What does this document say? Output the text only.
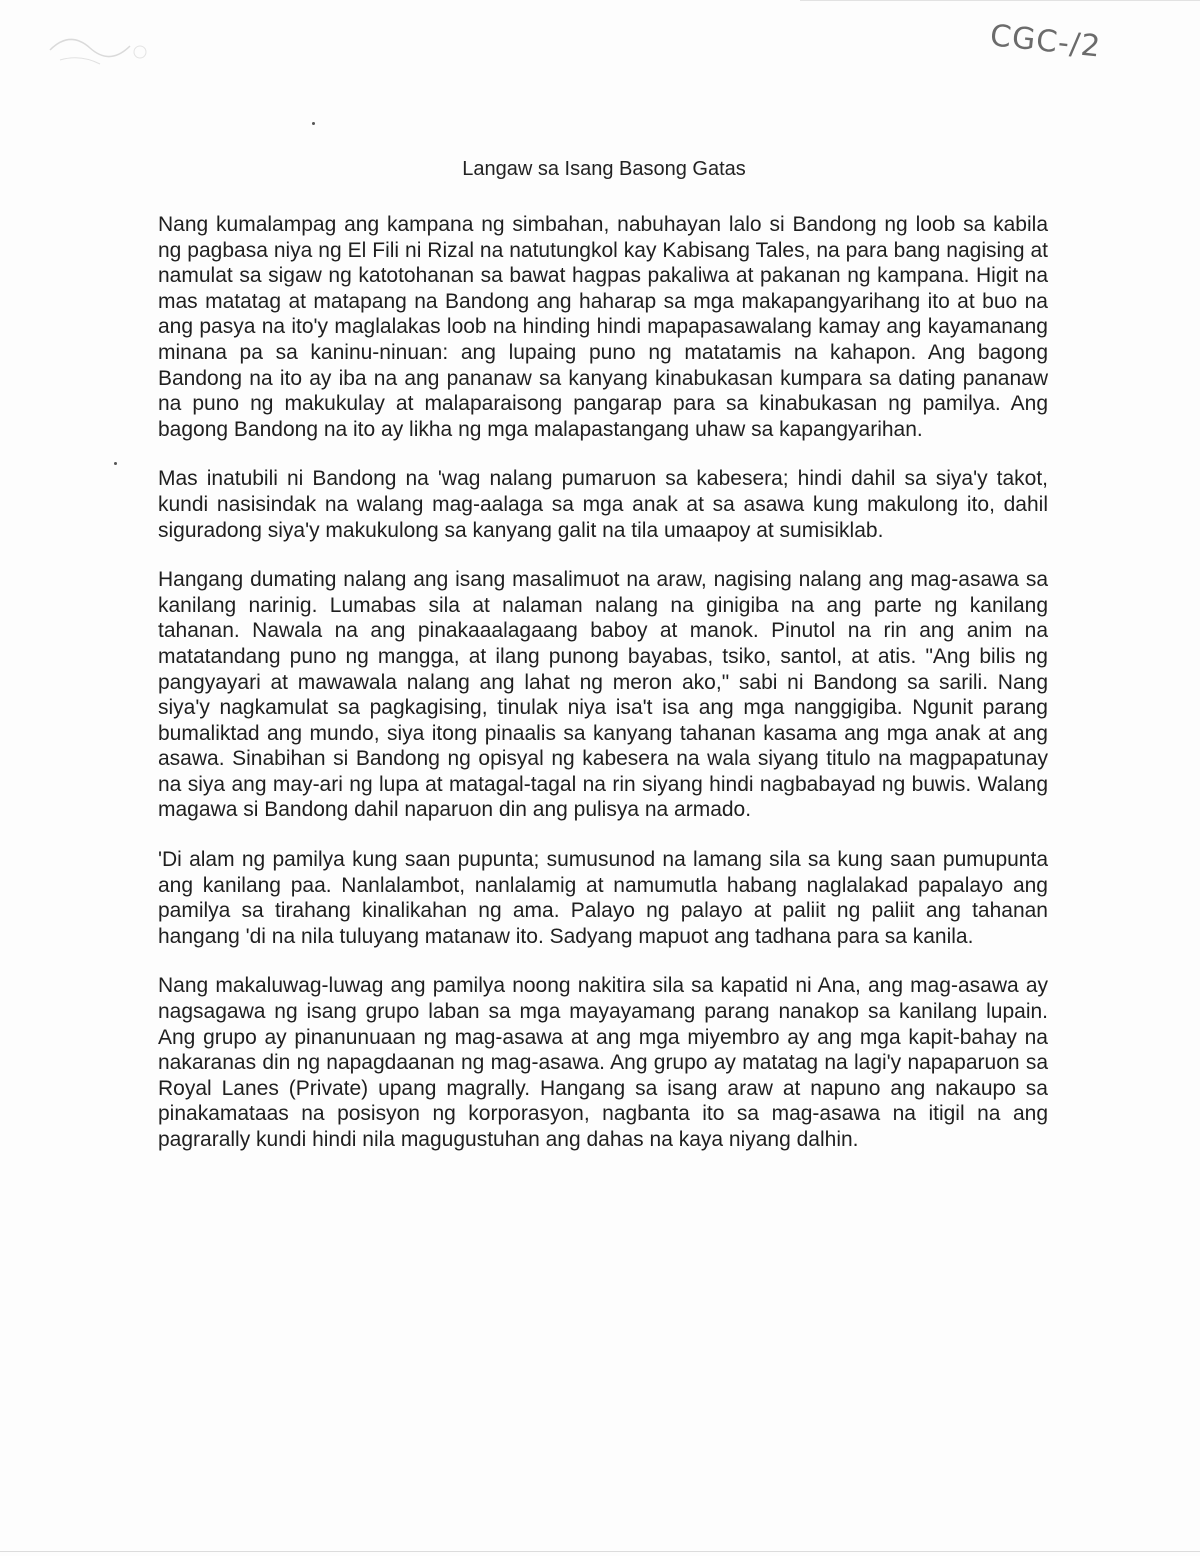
CGC-/2
Langaw sa Isang Basong Gatas

Nang kumalampag ang kampana ng simbahan, nabuhayan lalo si Bandong ng loob sa kabila ng pagbasa niya ng El Fili ni Rizal na natutungkol kay Kabisang Tales, na para bang nagising at namulat sa sigaw ng katotohanan sa bawat hagpas pakaliwa at pakanan ng kampana. Higit na mas matatag at matapang na Bandong ang haharap sa mga makapangyarihang ito at buo na ang pasya na ito'y maglalakas loob na hinding hindi mapapasawalang kamay ang kayamanang minana pa sa kaninu-ninuan: ang lupaing puno ng matatamis na kahapon. Ang bagong Bandong na ito ay iba na ang pananaw sa kanyang kinabukasan kumpara sa dating pananaw na puno ng makukulay at malaparaisong pangarap para sa kinabukasan ng pamilya. Ang bagong Bandong na ito ay likha ng mga malapastangang uhaw sa kapangyarihan.

Mas inatubili ni Bandong na 'wag nalang pumaruon sa kabesera; hindi dahil sa siya'y takot, kundi nasisindak na walang mag-aalaga sa mga anak at sa asawa kung makulong ito, dahil siguradong siya'y makukulong sa kanyang galit na tila umaapoy at sumisiklab.

Hangang dumating nalang ang isang masalimuot na araw, nagising nalang ang mag-asawa sa kanilang narinig. Lumabas sila at nalaman nalang na ginigiba na ang parte ng kanilang tahanan. Nawala na ang pinakaaalagaang baboy at manok. Pinutol na rin ang anim na matatandang puno ng mangga, at ilang punong bayabas, tsiko, santol, at atis. "Ang bilis ng pangyayari at mawawala nalang ang lahat ng meron ako," sabi ni Bandong sa sarili. Nang siya'y nagkamulat sa pagkagising, tinulak niya isa't isa ang mga nanggigiba. Ngunit parang bumaliktad ang mundo, siya itong pinaalis sa kanyang tahanan kasama ang mga anak at ang asawa. Sinabihan si Bandong ng opisyal ng kabesera na wala siyang titulo na magpapatunay na siya ang may-ari ng lupa at matagal-tagal na rin siyang hindi nagbabayad ng buwis. Walang magawa si Bandong dahil naparuon din ang pulisya na armado.

'Di alam ng pamilya kung saan pupunta; sumusunod na lamang sila sa kung saan pumupunta ang kanilang paa. Nanlalambot, nanlalamig at namumutla habang naglalakad papalayo ang pamilya sa tirahang kinalikahan ng ama. Palayo ng palayo at paliit ng paliit ang tahanan hangang 'di na nila tuluyang matanaw ito. Sadyang mapuot ang tadhana para sa kanila.

Nang makaluwag-luwag ang pamilya noong nakitira sila sa kapatid ni Ana, ang mag-asawa ay nagsagawa ng isang grupo laban sa mga mayayamang parang nanakop sa kanilang lupain. Ang grupo ay pinanunuaan ng mag-asawa at ang mga miyembro ay ang mga kapit-bahay na nakaranas din ng napagdaanan ng mag-asawa. Ang grupo ay matatag na lagi'y napaparuon sa Royal Lanes (Private) upang magrally. Hangang sa isang araw at napuno ang nakaupo sa pinakamataas na posisyon ng korporasyon, nagbanta ito sa mag-asawa na itigil na ang pagrarally kundi hindi nila magugustuhan ang dahas na kaya niyang dalhin.
